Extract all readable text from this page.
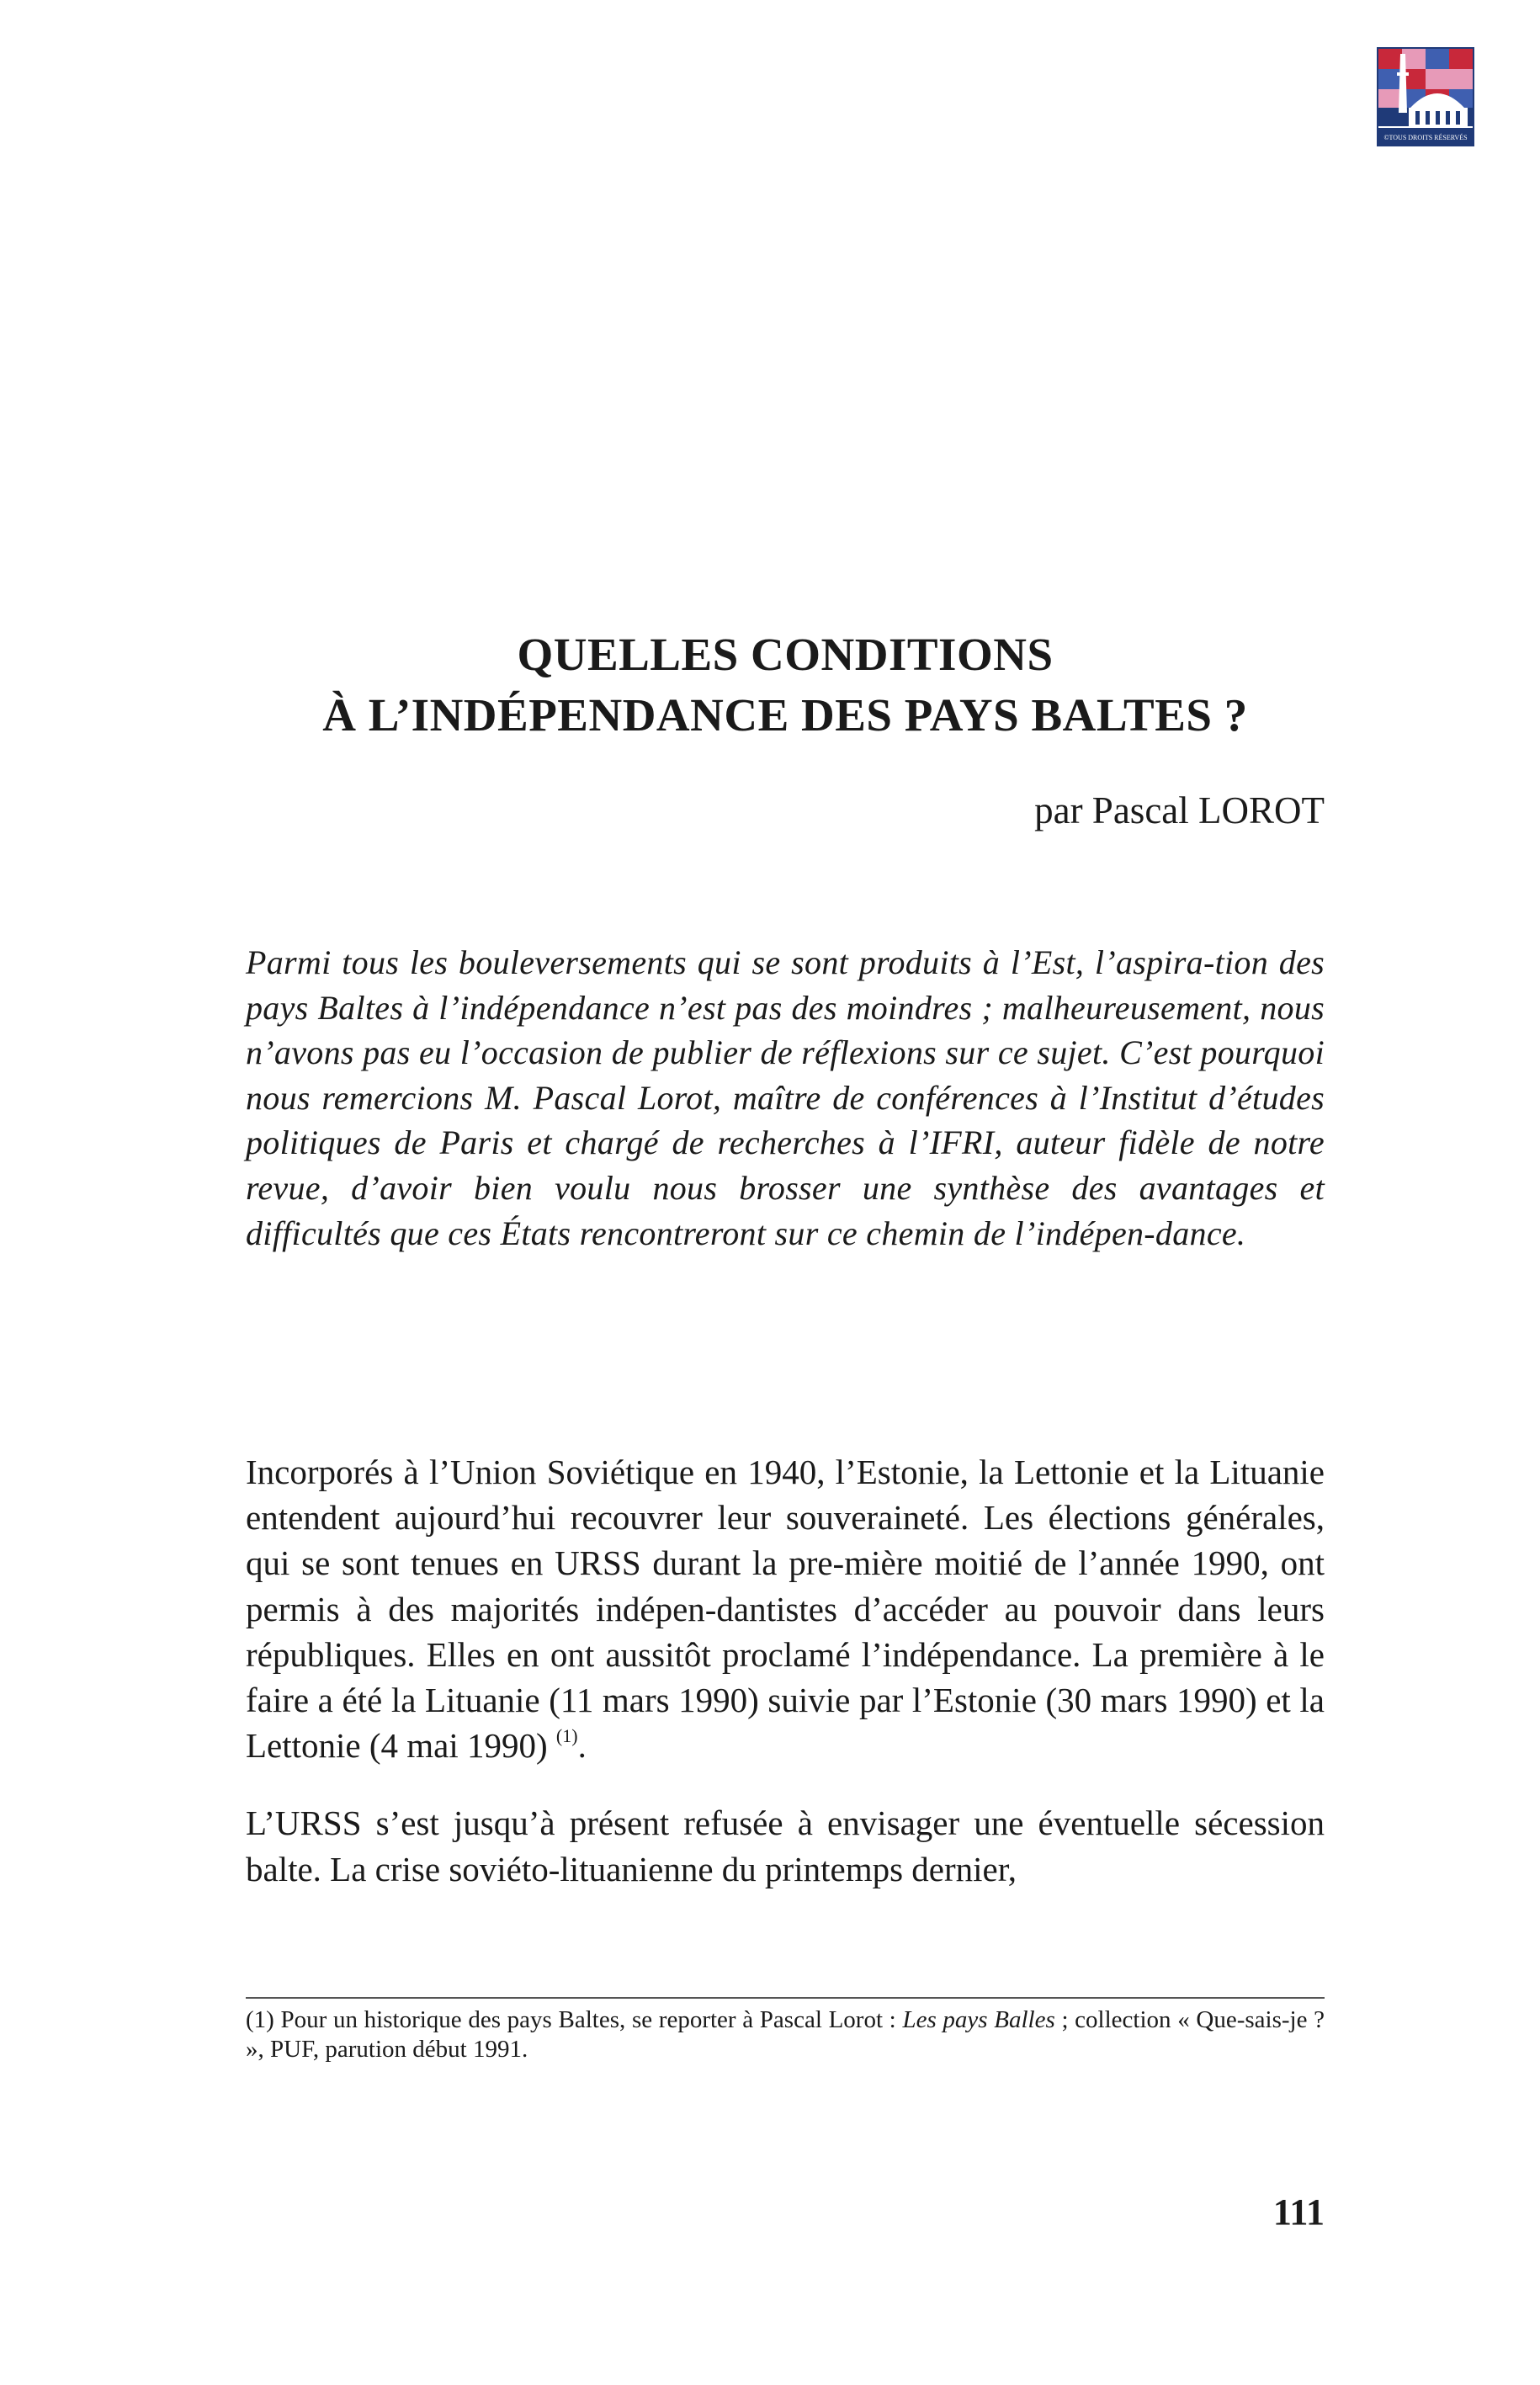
©TOUS DROITS RÉSERVÉS
QUELLES CONDITIONS
À L’INDÉPENDANCE DES PAYS BALTES ?
par Pascal LOROT

Parmi tous les bouleversements qui se sont produits à l’Est, l’aspira-tion des pays Baltes à l’indépendance n’est pas des moindres ; malheureusement, nous n’avons pas eu l’occasion de publier de réflexions sur ce sujet. C’est pourquoi nous remercions M. Pascal Lorot, maître de conférences à l’Institut d’études politiques de Paris et chargé de recherches à l’IFRI, auteur fidèle de notre revue, d’avoir bien voulu nous brosser une synthèse des avantages et difficultés que ces États rencontreront sur ce chemin de l’indépen-dance.

Incorporés à l’Union Soviétique en 1940, l’Estonie, la Lettonie et la Lituanie entendent aujourd’hui recouvrer leur souveraineté. Les élections générales, qui se sont tenues en URSS durant la pre-mière moitié de l’année 1990, ont permis à des majorités indépen-dantistes d’accéder au pouvoir dans leurs républiques. Elles en ont aussitôt proclamé l’indépendance. La première à le faire a été la Lituanie (11 mars 1990) suivie par l’Estonie (30 mars 1990) et la Lettonie (4 mai 1990) $^{(1)}$.

L’URSS s’est jusqu’à présent refusée à envisager une éventuelle sécession balte. La crise soviéto-lituanienne du printemps dernier,

(1) Pour un historique des pays Baltes, se reporter à Pascal Lorot : Les pays Balles ; collection « Que-sais-je ? », PUF, parution début 1991.

111
